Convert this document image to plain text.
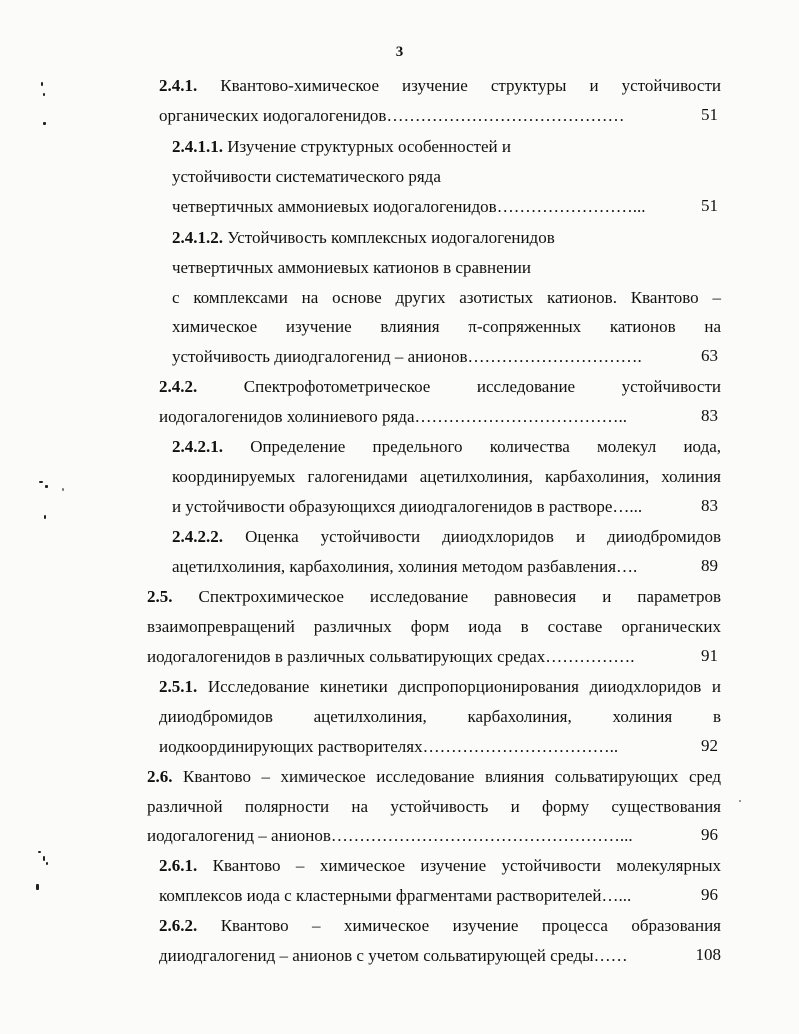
3
2.4.1. Квантово-химическое изучение структуры и устойчивости
органических иодогалогенидов……………………………………	51
2.4.1.1. Изучение структурных особенностей и
устойчивости систематического ряда
четвертичных аммониевых иодогалогенидов……………………...	51
2.4.1.2. Устойчивость комплексных иодогалогенидов
четвертичных аммониевых катионов в сравнении
с комплексами на основе других азотистых катионов. Квантово –
химическое изучение влияния π-сопряженных катионов на
устойчивость дииодгалогенид – анионов………………………….	63
2.4.2.	Спектрофотометрическое исследование устойчивости
иодогалогенидов холиниевого ряда………………………………..	83
2.4.2.1. Определение предельного количества молекул иода,
координируемых галогенидами ацетилхолиния, карбахолиния, холиния
и устойчивости образующихся дииодгалогенидов в растворе…...	83
2.4.2.2. Оценка устойчивости дииодхлоридов и дииодбромидов
ацетилхолиния, карбахолиния, холиния методом разбавления….	89
2.5. Спектрохимическое исследование равновесия и параметров
взаимопревращений различных форм иода в составе органических
иодогалогенидов в различных сольватирующих средах…………….	91
2.5.1. Исследование кинетики диспропорционирования дииодхлоридов и
дииодбромидов ацетилхолиния, карбахолиния, холиния в
иодкоординирующих растворителях……………………………..	92
2.6. Квантово – химическое исследование влияния сольватирующих сред
различной полярности на устойчивость и форму существования
иодогалогенид – анионов……………………………………………...	96
2.6.1. Квантово – химическое изучение устойчивости молекулярных
комплексов иода с кластерными фрагментами растворителей…...	96
2.6.2. Квантово – химическое изучение процесса образования
дииодгалогенид – анионов с учетом сольватирующей среды……	108
